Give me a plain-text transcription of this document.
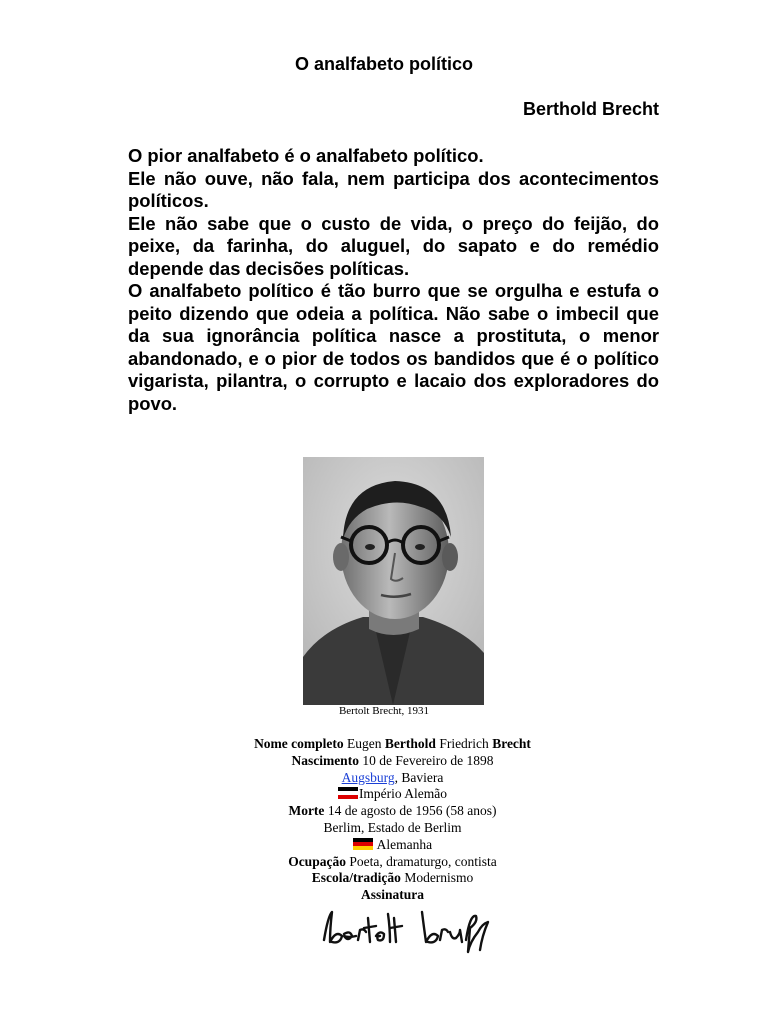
O analfabeto político
Berthold Brecht

O pior analfabeto é o analfabeto político.

Ele não ouve, não fala, nem participa dos acontecimentos políticos.

Ele não sabe que o custo de vida, o preço do feijão, do peixe, da farinha, do aluguel, do sapato e do remédio depende das decisões políticas.

O analfabeto político é tão burro que se orgulha e estufa o peito dizendo que odeia a política. Não sabe o imbecil que da sua ignorância política nasce a prostituta, o menor abandonado, e o pior de todos os bandidos que é o político vigarista, pilantra, o corrupto e lacaio dos exploradores do povo.

Bertolt Brecht, 1931
Nome completo Eugen Berthold Friedrich Brecht
Nascimento 10 de Fevereiro de 1898
Augsburg, Baviera
Império Alemão
Morte 14 de agosto de 1956 (58 anos)
Berlim, Estado de Berlim
Alemanha
Ocupação Poeta, dramaturgo, contista
Escola/tradição Modernismo
Assinatura
